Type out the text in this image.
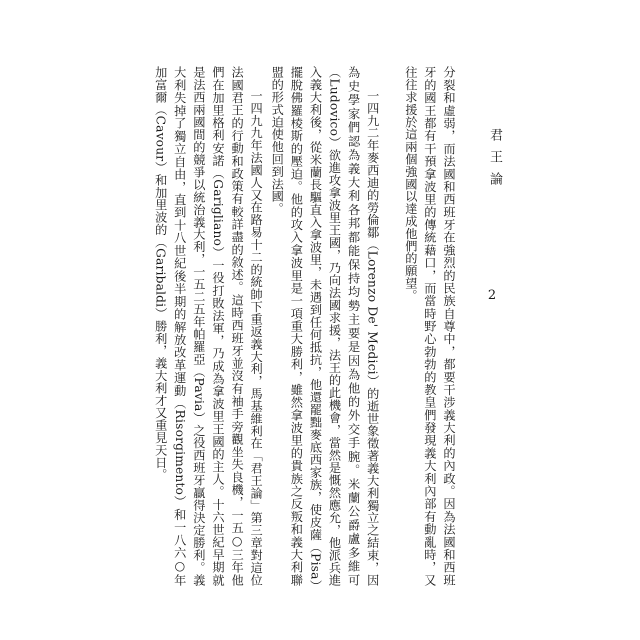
君王論
2

分裂和虛弱，而法國和西班牙在強烈的民族自尊中，都要干涉義大利的內政。因為法國和西班牙的國王都有干預拿波里的傳統藉口，而當時野心勃勃的教皇們發現義大利內部有動亂時，又往往求援於這兩個強國以達成他們的願望。

一四九二年麥西迪的勞倫鄒（Lorenzo De' Medici）的逝世象徵著義大利獨立之結束，因為史學家們認為義大利各邦都能保持均勢主要是因為他的外交手腕。米蘭公爵盧多維可（Ludovico）欲進攻拿波里王國，乃向法國求援，法王的此機會，當然是慨然應允，他派兵進入義大利後，從米蘭長驅直入拿波里，未遇到任何抵抗，他還罷黜麥底西家族，使皮薩（Pisa）擺脫佛羅棱斯的壓迫。他的攻入拿波里是一項重大勝利，雖然拿波里的貴族之反叛和義大利聯盟的形式迫使他回到法國。

一四九九年法國人又在路易十二的統帥下重返義大利，馬基維利在「君王論」第三章對這位法國君王的行動和政策有較詳盡的敘述。這時西班牙並沒有袖手旁觀坐失良機，一五○三年他們在加里格利安諾（Garigliano）一役打敗法軍，乃成為拿波里王國的主人。十六世紀早期就是法西兩國間的競爭以統治義大利，一五二五年帕羅亞（Pavia）之役西班牙贏得決定勝利。義大利失掉了獨立自由，直到十八世紀後半期的解放改革運動（Risorgimento）和一八六○年加富爾（Cavour）和加里波的（Garibaldi）勝利，義大利才又重見天日。
